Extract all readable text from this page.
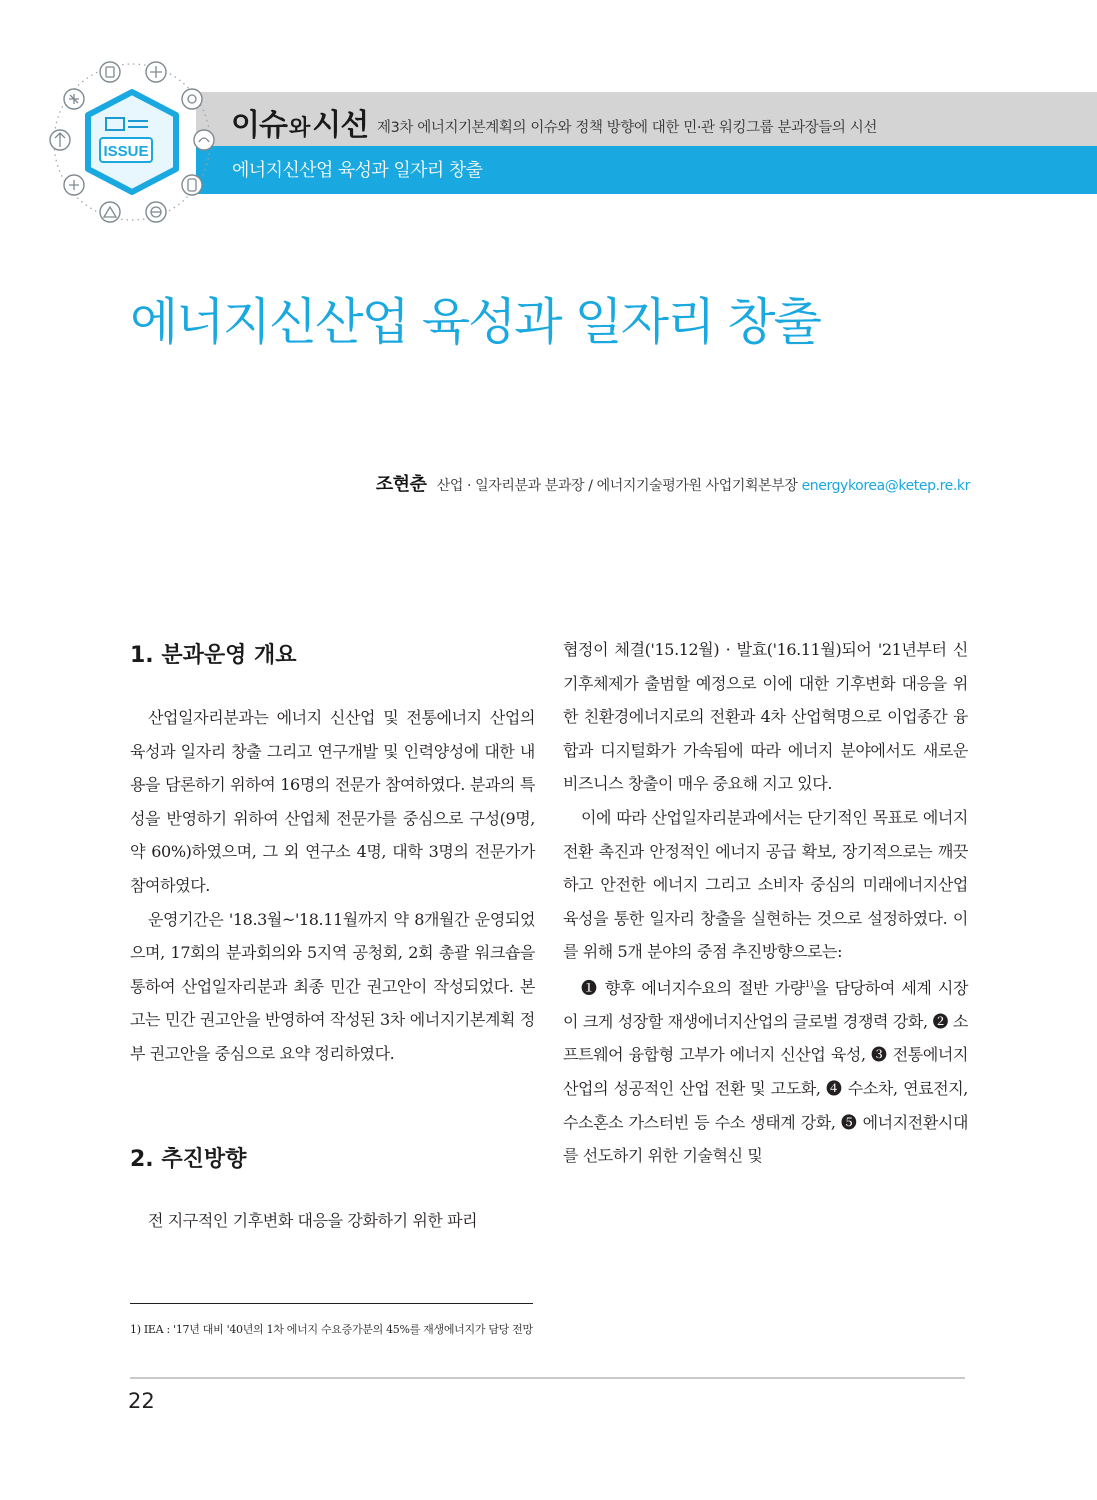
ISSUE
이슈 와 시선 제3차 에너지기본계획의 이슈와 정책 방향에 대한 민·관 워킹그룹 분과장들의 시선
에너지신산업 육성과 일자리 창출
에너지신산업 육성과 일자리 창출
조현춘 산업 · 일자리분과 분과장 / 에너지기술평가원 사업기획본부장 energykorea@ketep.re.kr
1. 분과운영 개요

산업일자리분과는 에너지 신산업 및 전통에너지 산업의 육성과 일자리 창출 그리고 연구개발 및 인력양성에 대한 내용을 담론하기 위하여 16명의 전문가 참여하였다. 분과의 특성을 반영하기 위하여 산업체 전문가를 중심으로 구성(9명, 약 60%)하였으며, 그 외 연구소 4명, 대학 3명의 전문가가 참여하였다.

운영기간은 '18.3월~'18.11월까지 약 8개월간 운영되었으며, 17회의 분과회의와 5지역 공청회, 2회 총괄 워크숍을 통하여 산업일자리분과 최종 민간 권고안이 작성되었다. 본고는 민간 권고안을 반영하여 작성된 3차 에너지기본계획 정부 권고안을 중심으로 요약 정리하였다.

2. 추진방향

전 지구적인 기후변화 대응을 강화하기 위한 파리

협정이 체결('15.12월) · 발효('16.11월)되어 '21년부터 신기후체제가 출범할 예정으로 이에 대한 기후변화 대응을 위한 친환경에너지로의 전환과 4차 산업혁명으로 이업종간 융합과 디지털화가 가속됨에 따라 에너지 분야에서도 새로운 비즈니스 창출이 매우 중요해 지고 있다.

이에 따라 산업일자리분과에서는 단기적인 목표로 에너지전환 촉진과 안정적인 에너지 공급 확보, 장기적으로는 깨끗하고 안전한 에너지 그리고 소비자 중심의 미래에너지산업 육성을 통한 일자리 창출을 실현하는 것으로 설정하였다. 이를 위해 5개 분야의 중점 추진방향으로는:

❶ 향후 에너지수요의 절반 가량$^{1)}$을 담당하여 세계 시장이 크게 성장할 재생에너지산업의 글로벌 경쟁력 강화, ❷ 소프트웨어 융합형 고부가 에너지 신산업 육성, ❸ 전통에너지산업의 성공적인 산업 전환 및 고도화, ❹ 수소차, 연료전지, 수소혼소 가스터빈 등 수소 생태계 강화, ❺ 에너지전환시대를 선도하기 위한 기술혁신 및

1) IEA : '17년 대비 '40년의 1차 에너지 수요증가분의 45%를 재생에너지가 담당 전망
22
